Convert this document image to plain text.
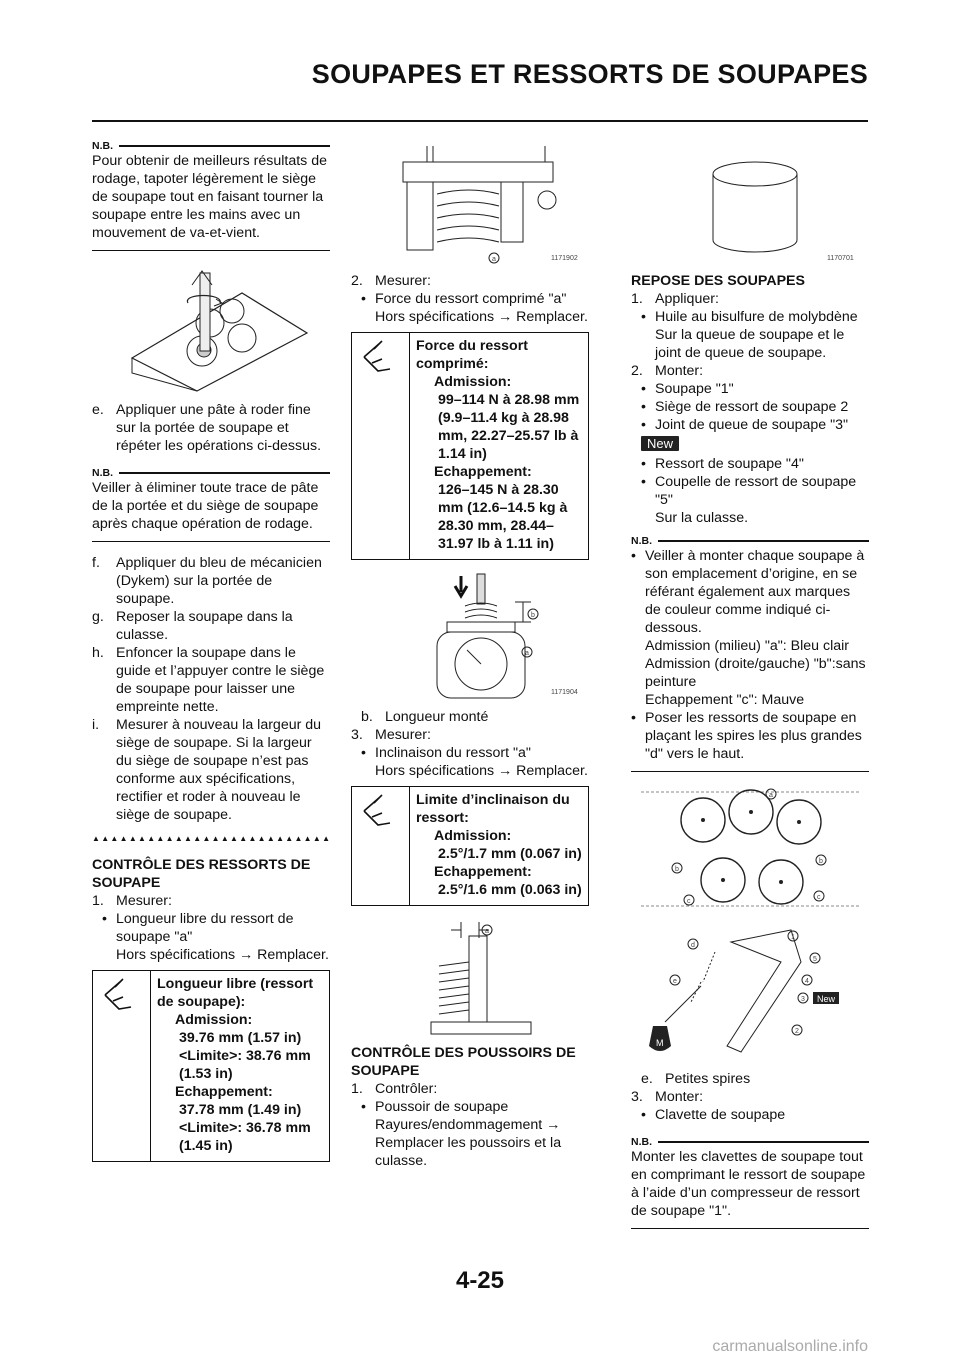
SOUPAPES ET RESSORTS DE SOUPAPES
N.B.
Pour obtenir de meilleurs résultats de rodage, tapoter légèrement le siège de soupape tout en faisant tourner la soupape entre les mains avec un mouvement de va-et-vient.
e. Appliquer une pâte à roder fine sur la portée de soupape et répéter les opérations ci-dessus.
N.B.
Veiller à éliminer toute trace de pâte de la portée et du siège de soupape après chaque opération de rodage.
f.	Appliquer du bleu de mécanicien (Dykem) sur la portée de soupape.
g. Reposer la soupape dans la culasse.
h. Enfoncer la soupape dans le guide et l’appuyer contre le siège de soupape pour laisser une empreinte nette.
i.	Mesurer à nouveau la largeur du siège de soupape. Si la largeur du siège de soupape n’est pas conforme aux spécifications, rectifier et roder à nouveau le siège de soupape.
▲ ▲ ▲ ▲ ▲ ▲ ▲ ▲ ▲ ▲ ▲ ▲ ▲ ▲ ▲ ▲ ▲ ▲ ▲ ▲ ▲ ▲ ▲ ▲ ▲ ▲
CONTRÔLE DES RESSORTS DE SOUPAPE
1. Mesurer:
• Longueur libre du ressort de soupape "a"
Hors spécifications → Remplacer.
Longueur libre (ressort de soupape):
Admission:
39.76 mm (1.57 in)
<Limite>: 38.76 mm (1.53 in)
Echappement:
37.78 mm (1.49 in)
<Limite>: 36.78 mm (1.45 in)
a	1171902
2. Mesurer:
• Force du ressort comprimé "a"
Hors spécifications → Remplacer.
Force du ressort comprimé:
Admission:
99–114 N à 28.98 mm (9.9–11.4 kg à 28.98 mm, 22.27–25.57 lb à 1.14 in)
Echappement:
126–145 N à 28.30 mm (12.6–14.5 kg à 28.30 mm, 28.44–31.97 lb à 1.11 in)
b
a
1171904
b. Longueur monté
3. Mesurer:
• Inclinaison du ressort "a"
Hors spécifications → Remplacer.
Limite d’inclinaison du ressort:
Admission:
2.5°/1.7 mm (0.067 in)
Echappement:
2.5°/1.6 mm (0.063 in)
a
CONTRÔLE DES POUSSOIRS DE SOUPAPE
1. Contrôler:
• Poussoir de soupape
Rayures/endommagement → Remplacer les poussoirs et la culasse.
1170701
REPOSE DES SOUPAPES
1. Appliquer:
• Huile au bisulfure de molybdène
Sur la queue de soupape et le joint de queue de soupape.
2. Monter:
• Soupape "1"
• Siège de ressort de soupape 2
• Joint de queue de soupape "3"
New
• Ressort de soupape "4"
• Coupelle de ressort de soupape "5"
Sur la culasse.
N.B.
• Veiller à monter chaque soupape à son emplacement d’origine, en se référant également aux marques de couleur comme indiqué ci-dessous.
Admission (milieu) "a": Bleu clair
Admission (droite/gauche) "b":sans peinture
Echappement "c": Mauve
• Poser les ressorts de soupape en plaçant les spires les plus grandes "d" vers le haut.
a
b
b
c
c
d
e
1
5
4
3
2
New
M
e. Petites spires
3. Monter:
• Clavette de soupape
N.B.
Monter les clavettes de soupape tout en comprimant le ressort de soupape à l’aide d’un compresseur de ressort de soupape "1".
4-25
carmanualsonline.info
